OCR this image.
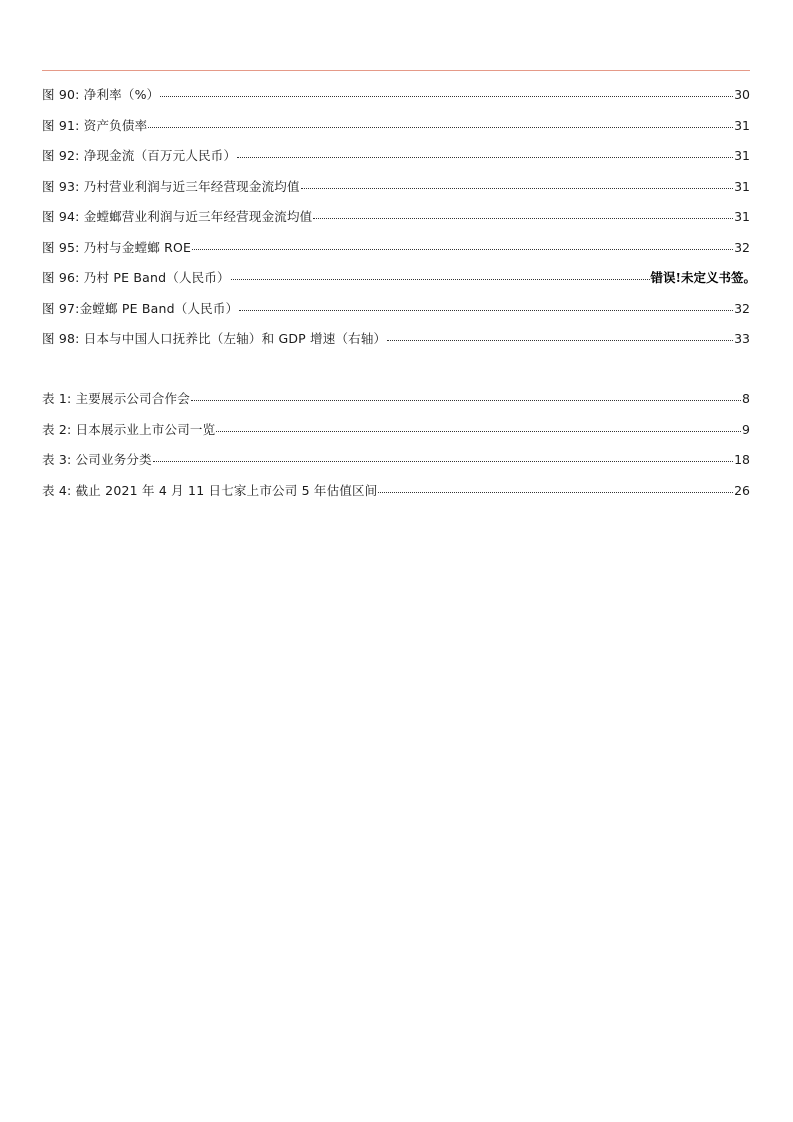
图 90: 净利率（%）	30
图 91: 资产负债率	31
图 92: 净现金流（百万元人民币）	31
图 93: 乃村营业利润与近三年经营现金流均值	31
图 94: 金螳螂营业利润与近三年经营现金流均值	31
图 95: 乃村与金螳螂 ROE	32
图 96: 乃村 PE Band（人民币）	错误!未定义书签。
图 97:金螳螂 PE Band（人民币）	32
图 98: 日本与中国人口抚养比（左轴）和 GDP 增速（右轴）	33
表 1: 主要展示公司合作会	8
表 2: 日本展示业上市公司一览	9
表 3: 公司业务分类	18
表 4: 截止 2021 年 4 月 11 日七家上市公司 5 年估值区间	26
